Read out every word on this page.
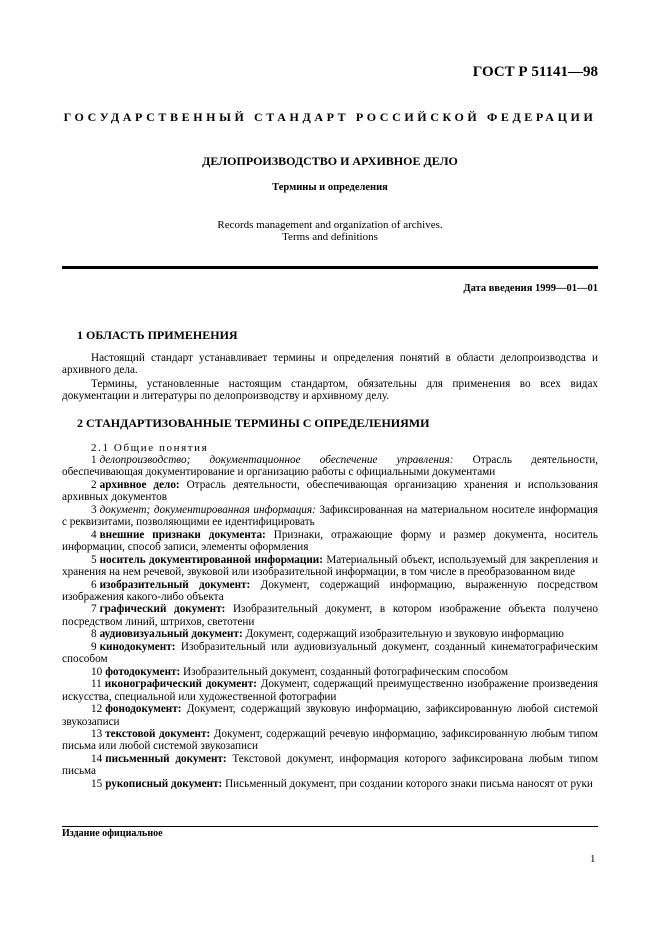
ГОСТ Р 51141—98
ГОСУДАРСТВЕННЫЙ СТАНДАРТ РОССИЙСКОЙ ФЕДЕРАЦИИ
ДЕЛОПРОИЗВОДСТВО И АРХИВНОЕ ДЕЛО
Термины и определения
Records management and organization of archives.
Terms and definitions
Дата введения 1999—01—01
1 ОБЛАСТЬ ПРИМЕНЕНИЯ
Настоящий стандарт устанавливает термины и определения понятий в области делопроизводства и архивного дела.
Термины, установленные настоящим стандартом, обязательны для применения во всех видах документации и литературы по делопроизводству и архивному делу.
2 СТАНДАРТИЗОВАННЫЕ ТЕРМИНЫ С ОПРЕДЕЛЕНИЯМИ
2.1 Общие понятия

1 делопроизводство; документационное обеспечение управления: Отрасль деятельности, обеспечивающая документирование и организацию работы с официальными документами

2 архивное дело: Отрасль деятельности, обеспечивающая организацию хранения и использования архивных документов

3 документ; документированная информация: Зафиксированная на материальном носителе информация с реквизитами, позволяющими ее идентифицировать

4 внешние признаки документа: Признаки, отражающие форму и размер документа, носитель информации, способ записи, элементы оформления

5 носитель документированной информации: Материальный объект, используемый для закрепления и хранения на нем речевой, звуковой или изобразительной информации, в том числе в преобразованном виде

6 изобразительный документ: Документ, содержащий информацию, выраженную посредством изображения какого-либо объекта

7 графический документ: Изобразительный документ, в котором изображение объекта получено посредством линий, штрихов, светотени

8 аудиовизуальный документ: Документ, содержащий изобразительную и звуковую информацию

9 кинодокумент: Изобразительный или аудиовизуальный документ, созданный кинематографическим способом

10 фотодокумент: Изобразительный документ, созданный фотографическим способом

11 иконографический документ: Документ, содержащий преимущественно изображение произведения искусства, специальной или художественной фотографии

12 фонодокумент: Документ, содержащий звуковую информацию, зафиксированную любой системой звукозаписи

13 текстовой документ: Документ, содержащий речевую информацию, зафиксированную любым типом письма или любой системой звукозаписи

14 письменный документ: Текстовой документ, информация которого зафиксирована любым типом письма

15 рукописный документ: Письменный документ, при создании которого знаки письма наносят от руки

Издание официальное
1
